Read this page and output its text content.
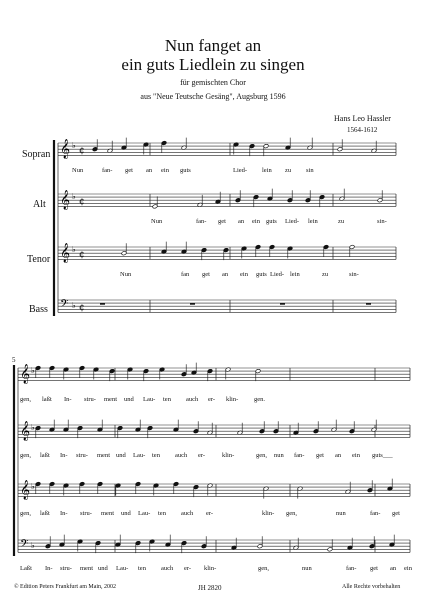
Nun fanget an
ein guts Liedlein zu singen
für gemischten Chor
aus "Neue Teutsche Gesäng", Augsburg 1596
Hans Leo Hassler
1564-1612
Sopran
Alt
Tenor
Bass
5
𝄞 ♭
¢
𝄞 ♭
¢
𝄞 ♭
¢
𝄢 ♭ ¢
𝄞 ♭
𝄞 ♭
𝄞 ♭
𝄢 ♭
Nun	fan- get an ein guts	Lied- lein zu sin
Nun	fan- get an ein guts Lied- lein	zu	sin-
Nun	fan get an ein guts Lied- lein	zu	sin-
gen, laßt In- stru- ment und Lau- ten auch er- klin- gen.
gen, laßt In- stru- ment und Lau- ten auch er-	klin-	gen, nun fan- get an ein guts___
gen, laßt In- stru- ment und Lau- ten auch er-	klin- gen,	nun	fan- get
Laßt In- stru- ment und Lau- ten auch er- klin-	gen,	nun	fan- get an ein
© Edition Peters Frankfurt am Main, 2002	JH 2820	Alle Rechte vorbehalten
